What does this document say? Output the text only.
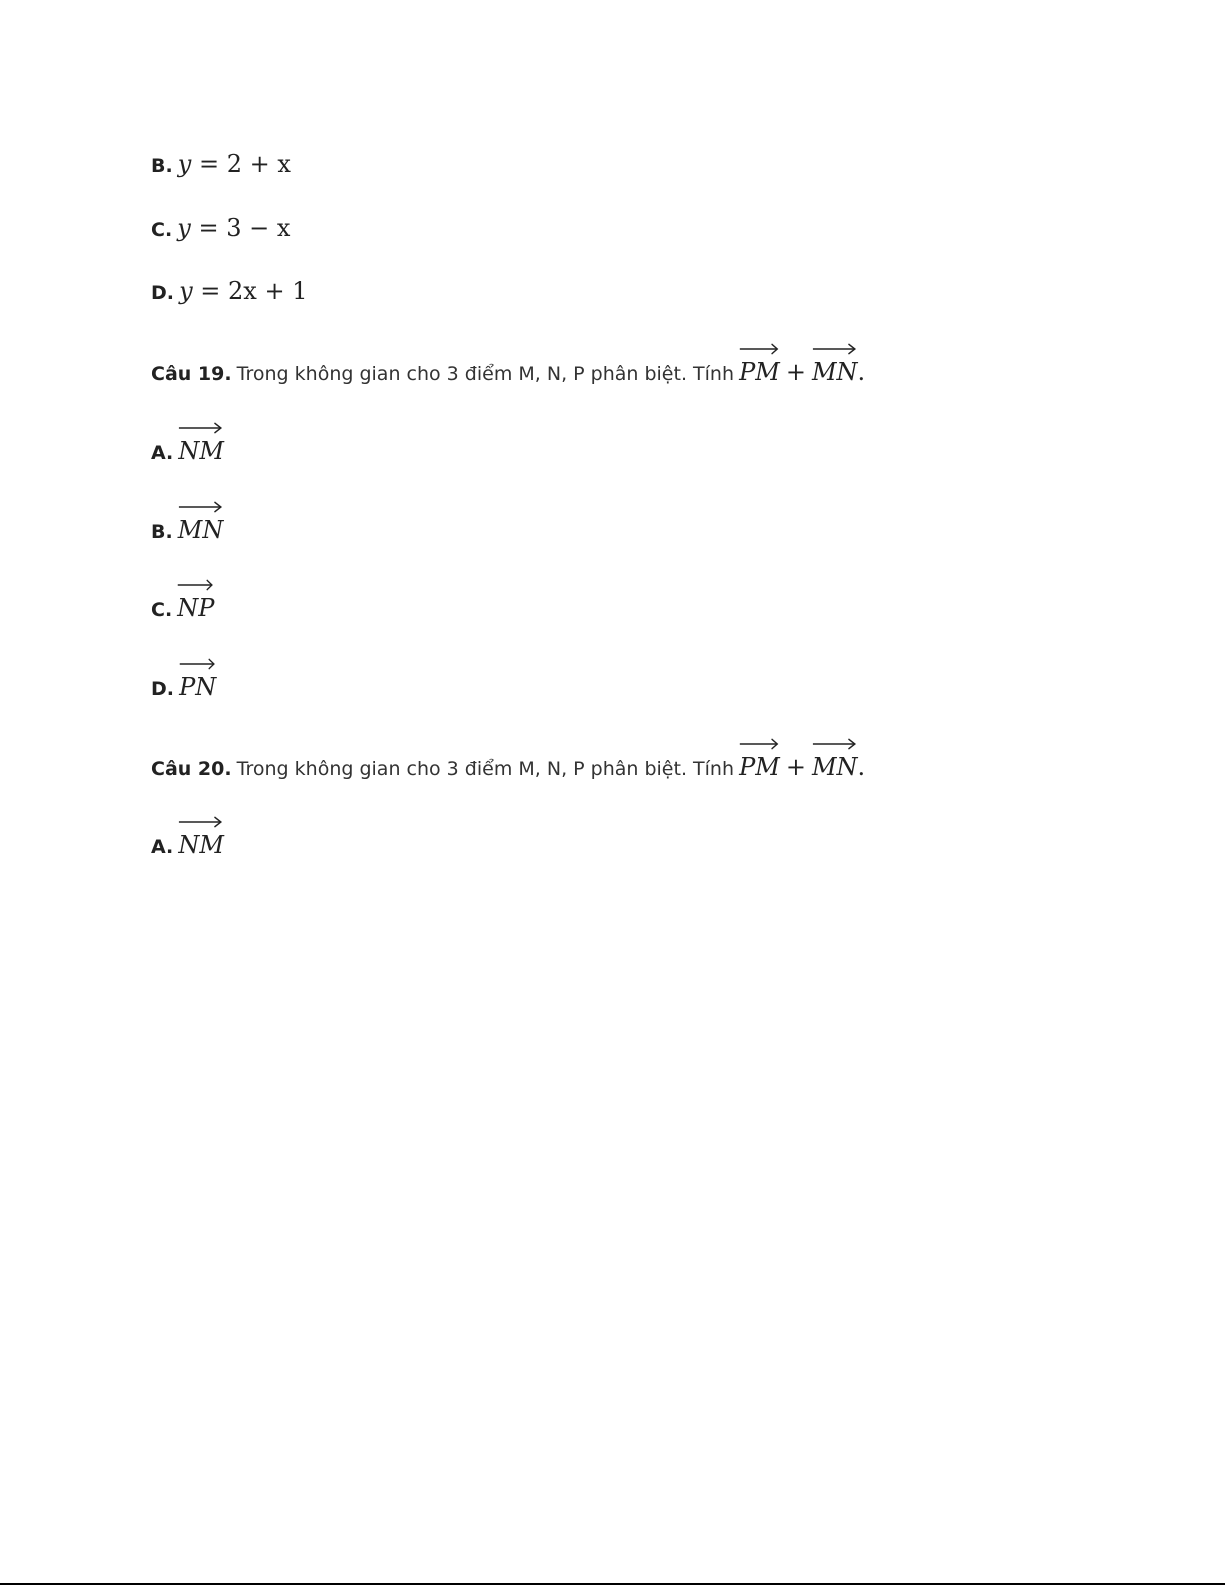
B. y = 2 + x
C. y = 3 − x
D. y = 2x + 1
Câu 19. Trong không gian cho 3 điểm M, N, P phân biệt. Tính PM + MN.
A. NM
B. MN
C. NP
D. PN
Câu 20. Trong không gian cho 3 điểm M, N, P phân biệt. Tính PM + MN.
A. NM
